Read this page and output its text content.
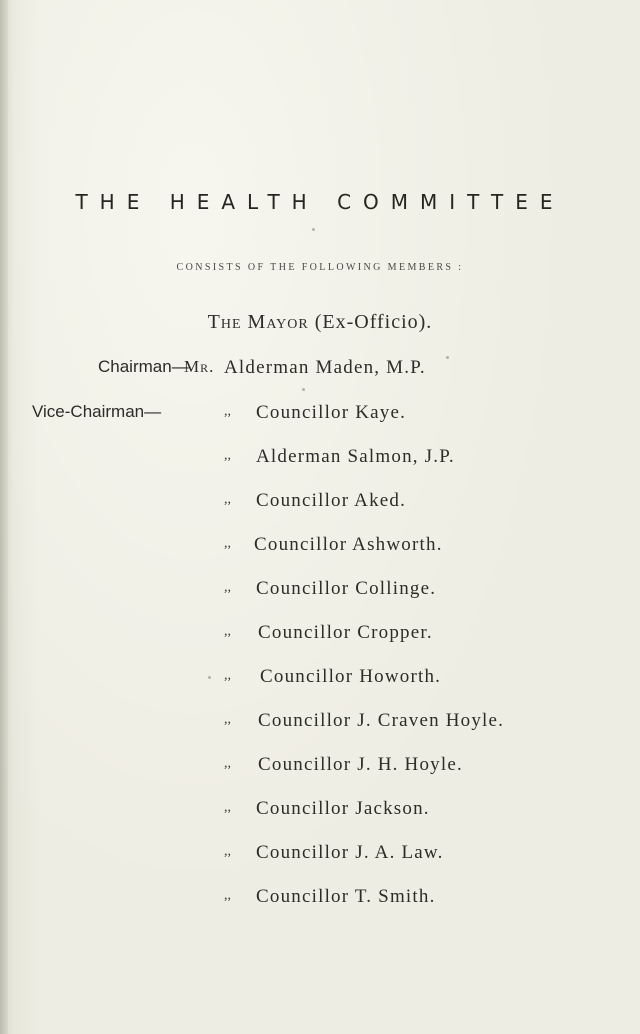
THE HEALTH COMMITTEE
CONSISTS OF THE FOLLOWING MEMBERS :
The Mayor (Ex-Officio).
Chairman—
Mr. Alderman Maden, M.P.
Vice-Chairman—	,, Councillor Kaye.
,, Alderman Salmon, J.P.
,, Councillor Aked.
,, Councillor Ashworth.
,, Councillor Collinge.
,, Councillor Cropper.
,, Councillor Howorth.
,, Councillor J. Craven Hoyle.
,, Councillor J. H. Hoyle.
,, Councillor Jackson.
,, Councillor J. A. Law.
,, Councillor T. Smith.
